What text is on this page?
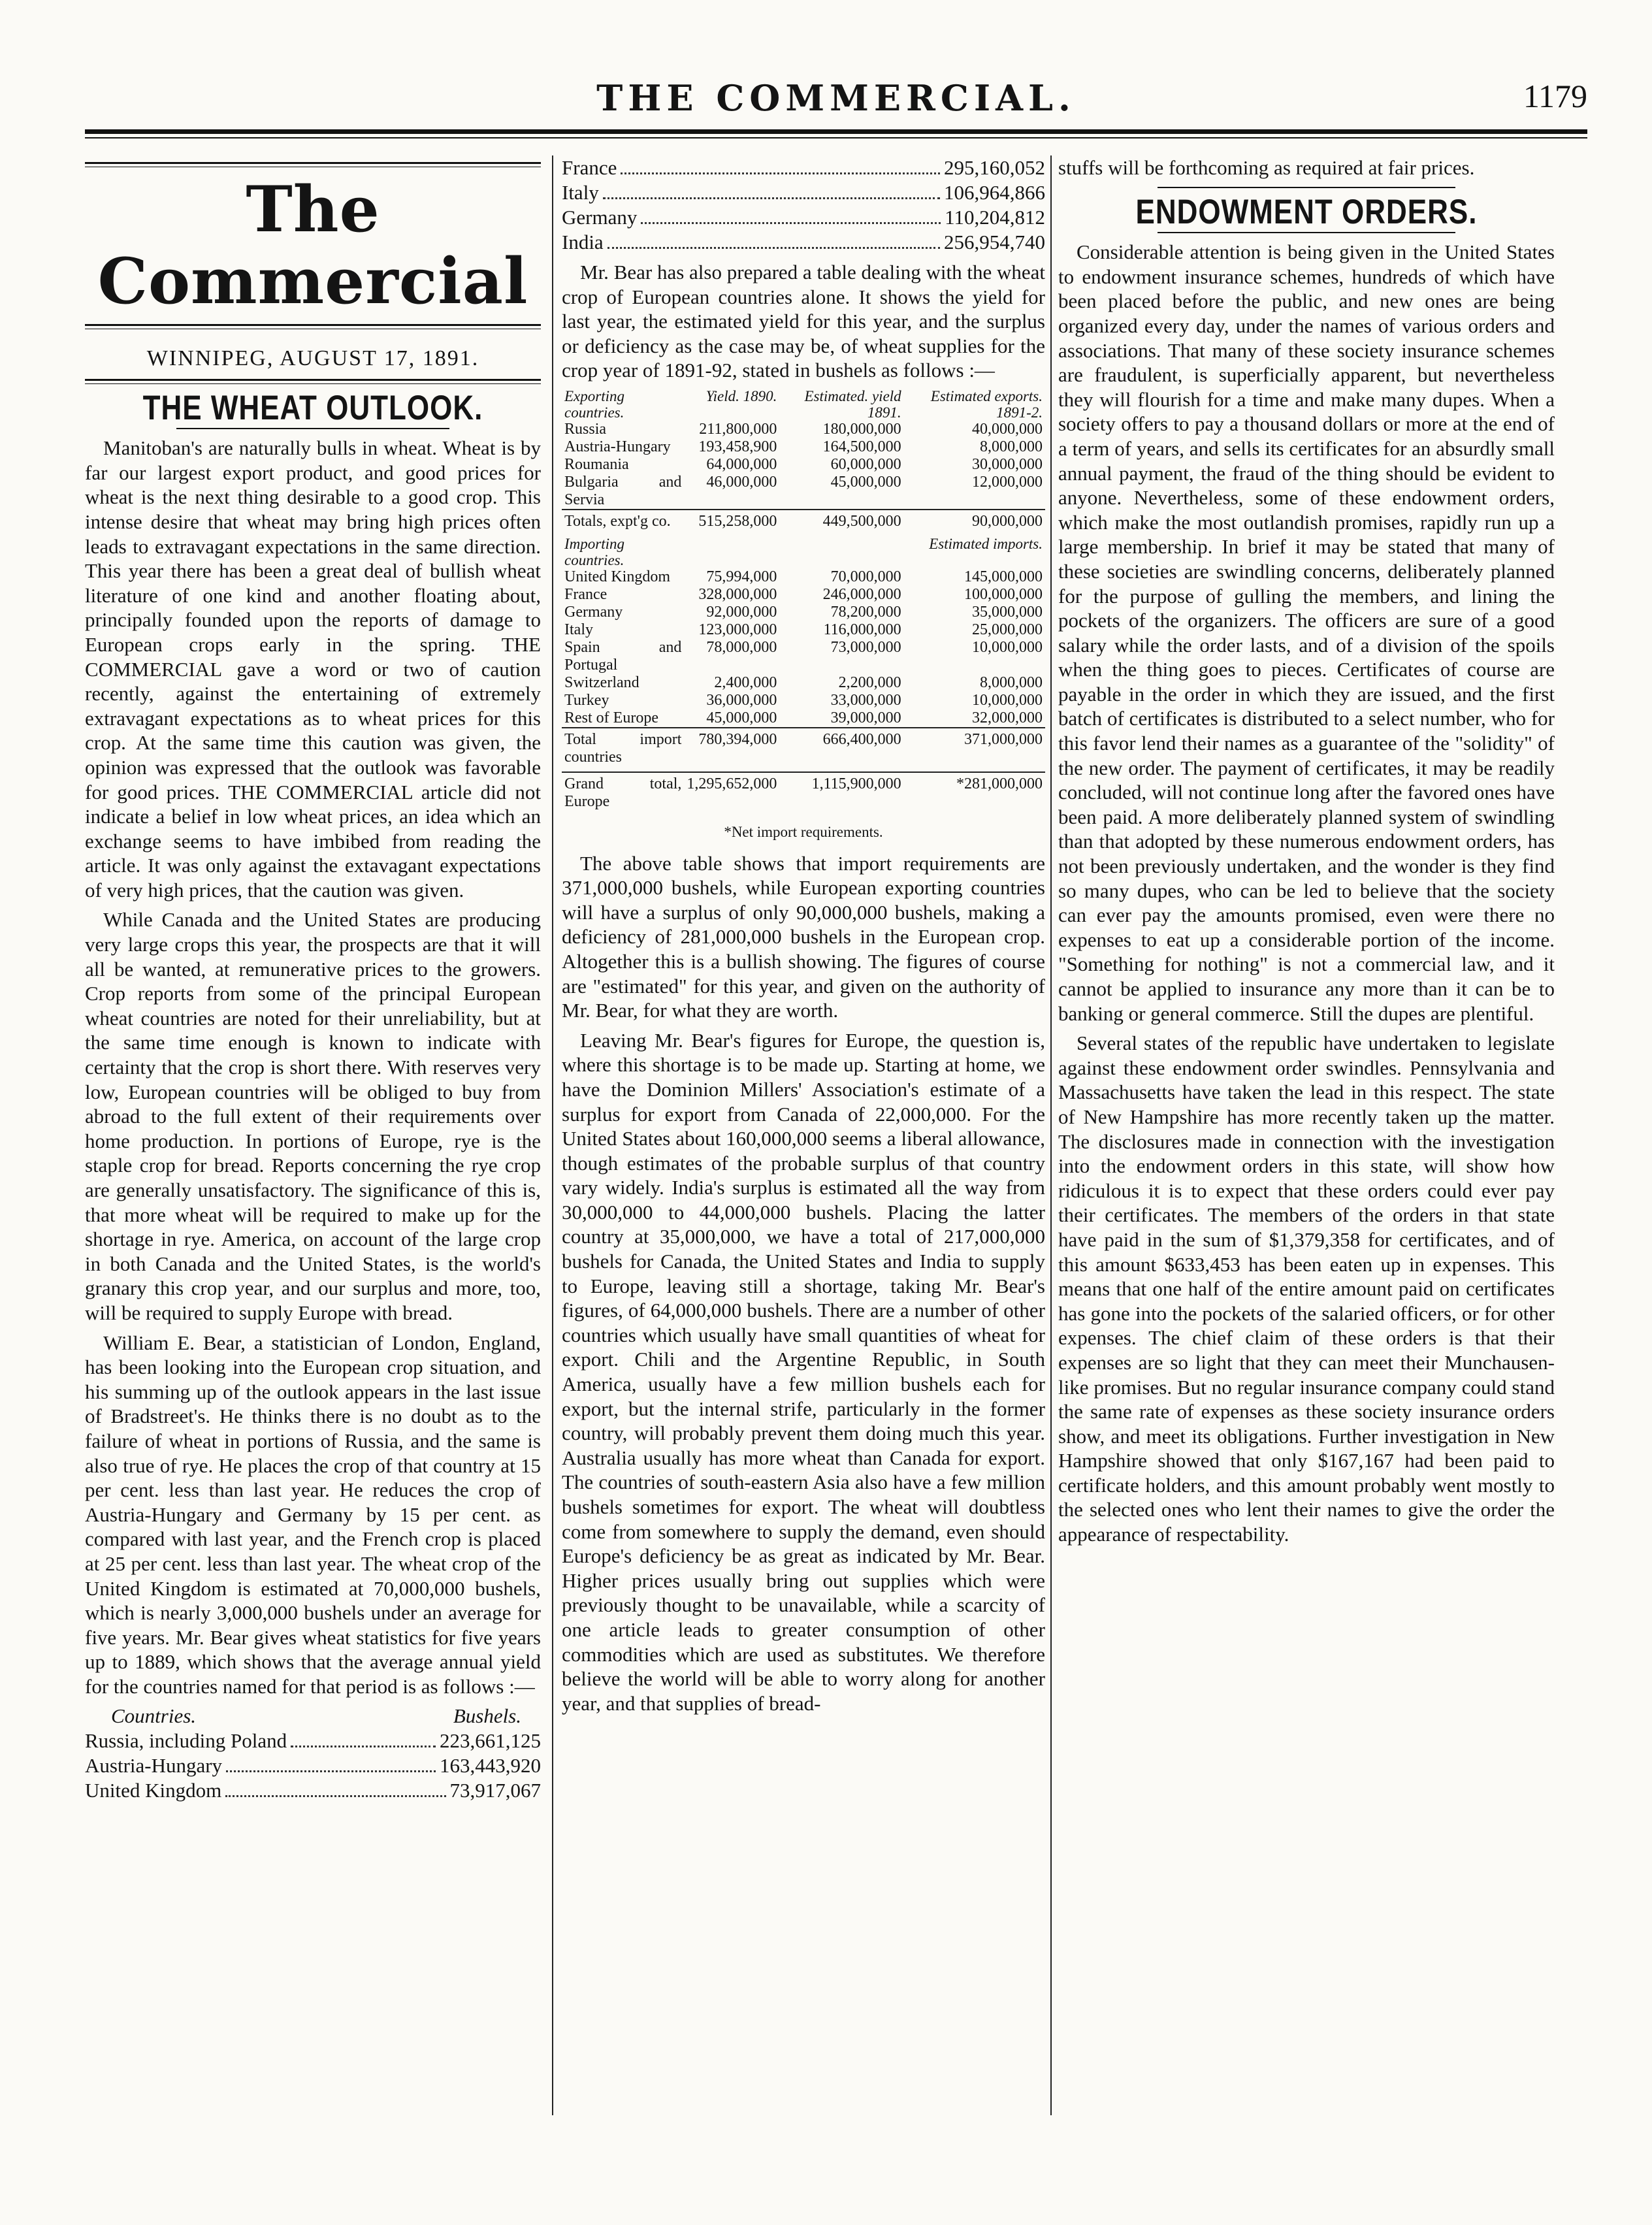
THE COMMERCIAL.	1179
The Commercial
WINNIPEG, AUGUST 17, 1891.
THE WHEAT OUTLOOK.

Manitoban's are naturally bulls in wheat. Wheat is by far our largest export product, and good prices for wheat is the next thing desirable to a good crop. This intense desire that wheat may bring high prices often leads to extravagant expectations in the same direction. This year there has been a great deal of bullish wheat literature of one kind and another floating about, principally founded upon the reports of damage to European crops early in the spring. THE COMMERCIAL gave a word or two of caution recently, against the entertaining of extremely extravagant expectations as to wheat prices for this crop. At the same time this caution was given, the opinion was expressed that the outlook was favorable for good prices. THE COMMERCIAL article did not indicate a belief in low wheat prices, an idea which an exchange seems to have imbibed from reading the article. It was only against the extavagant expectations of very high prices, that the caution was given.

While Canada and the United States are producing very large crops this year, the prospects are that it will all be wanted, at remunerative prices to the growers. Crop reports from some of the principal European wheat countries are noted for their unreliability, but at the same time enough is known to indicate with certainty that the crop is short there. With reserves very low, European countries will be obliged to buy from abroad to the full extent of their requirements over home production. In portions of Europe, rye is the staple crop for bread. Reports concerning the rye crop are generally unsatisfactory. The significance of this is, that more wheat will be required to make up for the shortage in rye. America, on account of the large crop in both Canada and the United States, is the world's granary this crop year, and our surplus and more, too, will be required to supply Europe with bread.

William E. Bear, a statistician of London, England, has been looking into the European crop situation, and his summing up of the outlook appears in the last issue of Bradstreet's. He thinks there is no doubt as to the failure of wheat in portions of Russia, and the same is also true of rye. He places the crop of that country at 15 per cent. less than last year. He reduces the crop of Austria-Hungary and Germany by 15 per cent. as compared with last year, and the French crop is placed at 25 per cent. less than last year. The wheat crop of the United Kingdom is estimated at 70,000,000 bushels, which is nearly 3,000,000 bushels under an average for five years. Mr. Bear gives wheat statistics for five years up to 1889, which shows that the average annual yield for the countries named for that period is as follows :—

Countries.	Bushels.
Russia, including Poland	223,661,125
Austria-Hungary	163,443,920
United Kingdom	73,917,067
France	295,160,052
Italy	106,964,866
Germany	110,204,812
India	256,954,740

Mr. Bear has also prepared a table dealing with the wheat crop of European countries alone. It shows the yield for last year, the estimated yield for this year, and the surplus or deficiency as the case may be, of wheat supplies for the crop year of 1891-92, stated in bushels as follows :—

Exporting countries.	Yield. 1890.	Estimated. yield 1891.	Estimated exports. 1891-2.
Russia	211,800,000	180,000,000	40,000,000
Austria-Hungary	193,458,900	164,500,000	8,000,000
Roumania	64,000,000	60,000,000	30,000,000
Bulgaria and Servia	46,000,000	45,000,000	12,000,000
Totals, expt'g co.	515,258,000	449,500,000	90,000,000
Importing countries.			Estimated imports.
United Kingdom	75,994,000	70,000,000	145,000,000
France	328,000,000	246,000,000	100,000,000
Germany	92,000,000	78,200,000	35,000,000
Italy	123,000,000	116,000,000	25,000,000
Spain and Portugal	78,000,000	73,000,000	10,000,000
Switzerland	2,400,000	2,200,000	8,000,000
Turkey	36,000,000	33,000,000	10,000,000
Rest of Europe	45,000,000	39,000,000	32,000,000
Total import countries	780,394,000	666,400,000	371,000,000
Grand total, Europe	1,295,652,000	1,115,900,000	*281,000,000
*Net import requirements.

The above table shows that import requirements are 371,000,000 bushels, while European exporting countries will have a surplus of only 90,000,000 bushels, making a deficiency of 281,000,000 bushels in the European crop. Altogether this is a bullish showing. The figures of course are "estimated" for this year, and given on the authority of Mr. Bear, for what they are worth.

Leaving Mr. Bear's figures for Europe, the question is, where this shortage is to be made up. Starting at home, we have the Dominion Millers' Association's estimate of a surplus for export from Canada of 22,000,000. For the United States about 160,000,000 seems a liberal allowance, though estimates of the probable surplus of that country vary widely. India's surplus is estimated all the way from 30,000,000 to 44,000,000 bushels. Placing the latter country at 35,000,000, we have a total of 217,000,000 bushels for Canada, the United States and India to supply to Europe, leaving still a shortage, taking Mr. Bear's figures, of 64,000,000 bushels. There are a number of other countries which usually have small quantities of wheat for export. Chili and the Argentine Republic, in South America, usually have a few million bushels each for export, but the internal strife, particularly in the former country, will probably prevent them doing much this year. Australia usually has more wheat than Canada for export. The countries of south-eastern Asia also have a few million bushels sometimes for export. The wheat will doubtless come from somewhere to supply the demand, even should Europe's deficiency be as great as indicated by Mr. Bear. Higher prices usually bring out supplies which were previously thought to be unavailable, while a scarcity of one article leads to greater consumption of other commodities which are used as substitutes. We therefore believe the world will be able to worry along for another year, and that supplies of bread-

stuffs will be forthcoming as required at fair prices.

ENDOWMENT ORDERS.

Considerable attention is being given in the United States to endowment insurance schemes, hundreds of which have been placed before the public, and new ones are being organized every day, under the names of various orders and associations. That many of these society insurance schemes are fraudulent, is superficially apparent, but nevertheless they will flourish for a time and make many dupes. When a society offers to pay a thousand dollars or more at the end of a term of years, and sells its certificates for an absurdly small annual payment, the fraud of the thing should be evident to anyone. Nevertheless, some of these endowment orders, which make the most outlandish promises, rapidly run up a large membership. In brief it may be stated that many of these societies are swindling concerns, deliberately planned for the purpose of gulling the members, and lining the pockets of the organizers. The officers are sure of a good salary while the order lasts, and of a division of the spoils when the thing goes to pieces. Certificates of course are payable in the order in which they are issued, and the first batch of certificates is distributed to a select number, who for this favor lend their names as a guarantee of the "solidity" of the new order. The payment of certificates, it may be readily concluded, will not continue long after the favored ones have been paid. A more deliberately planned system of swindling than that adopted by these numerous endowment orders, has not been previously undertaken, and the wonder is they find so many dupes, who can be led to believe that the society can ever pay the amounts promised, even were there no expenses to eat up a considerable portion of the income. "Something for nothing" is not a commercial law, and it cannot be applied to insurance any more than it can be to banking or general commerce. Still the dupes are plentiful.

Several states of the republic have undertaken to legislate against these endowment order swindles. Pennsylvania and Massachusetts have taken the lead in this respect. The state of New Hampshire has more recently taken up the matter. The disclosures made in connection with the investigation into the endowment orders in this state, will show how ridiculous it is to expect that these orders could ever pay their certificates. The members of the orders in that state have paid in the sum of $1,379,358 for certificates, and of this amount $633,453 has been eaten up in expenses. This means that one half of the entire amount paid on certificates has gone into the pockets of the salaried officers, or for other expenses. The chief claim of these orders is that their expenses are so light that they can meet their Munchausen-like promises. But no regular insurance company could stand the same rate of expenses as these society insurance orders show, and meet its obligations. Further investigation in New Hampshire showed that only $167,167 had been paid to certificate holders, and this amount probably went mostly to the selected ones who lent their names to give the order the appearance of respectability.
